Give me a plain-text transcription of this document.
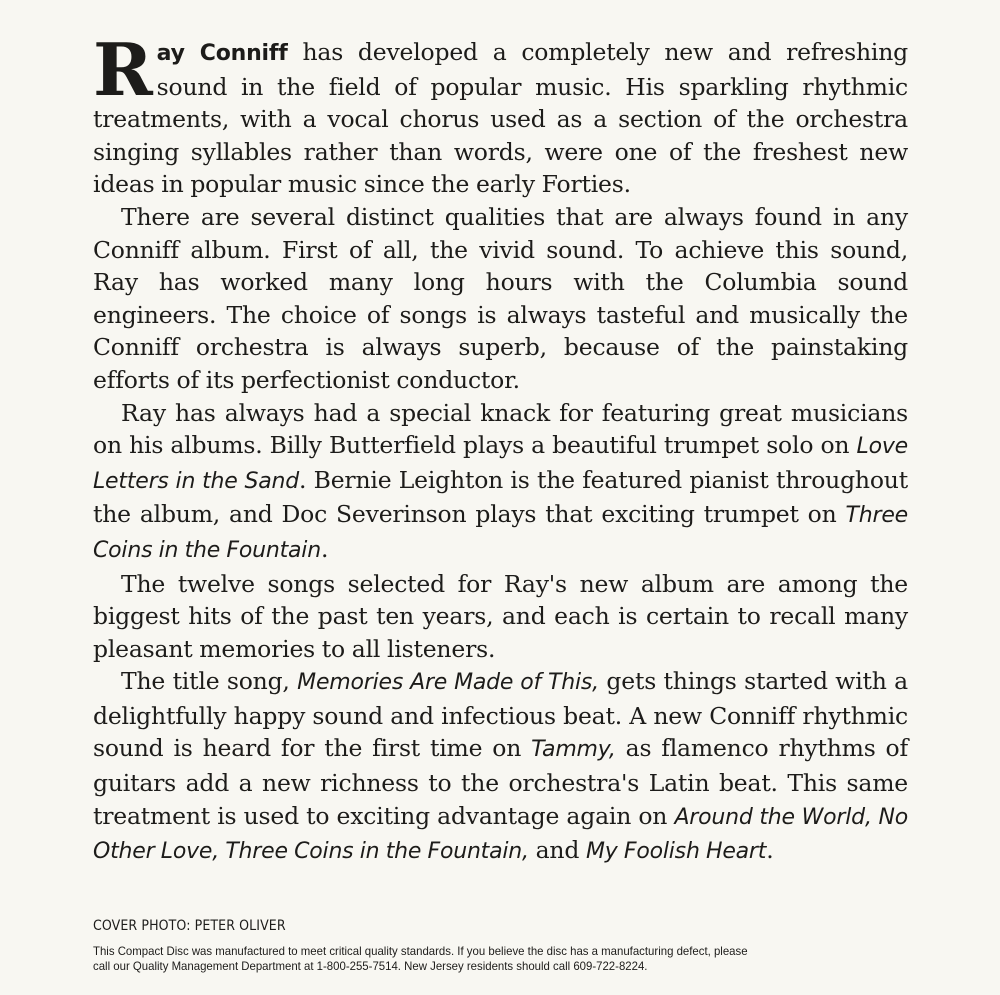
Ray Conniff has developed a completely new and refreshing sound in the field of popular music. His sparkling rhythmic treatments, with a vocal chorus used as a section of the orchestra singing syllables rather than words, were one of the freshest new ideas in popular music since the early Forties.

There are several distinct qualities that are always found in any Conniff album. First of all, the vivid sound. To achieve this sound, Ray has worked many long hours with the Columbia sound engineers. The choice of songs is always tasteful and musically the Conniff orchestra is always superb, because of the painstaking efforts of its perfectionist conductor.

Ray has always had a special knack for featuring great musicians on his albums. Billy Butterfield plays a beautiful trumpet solo on Love Letters in the Sand. Bernie Leighton is the featured pianist throughout the album, and Doc Severinson plays that exciting trumpet on Three Coins in the Fountain.

The twelve songs selected for Ray's new album are among the biggest hits of the past ten years, and each is certain to recall many pleasant memories to all listeners.

The title song, Memories Are Made of This, gets things started with a delightfully happy sound and infectious beat. A new Conniff rhythmic sound is heard for the first time on Tammy, as flamenco rhythms of guitars add a new richness to the orchestra's Latin beat. This same treatment is used to exciting advantage again on Around the World, No Other Love, Three Coins in the Fountain, and My Foolish Heart.

COVER PHOTO: PETER OLIVER

This Compact Disc was manufactured to meet critical quality standards. If you believe the disc has a manufacturing defect, please

call our Quality Management Department at 1-800-255-7514. New Jersey residents should call 609-722-8224.
